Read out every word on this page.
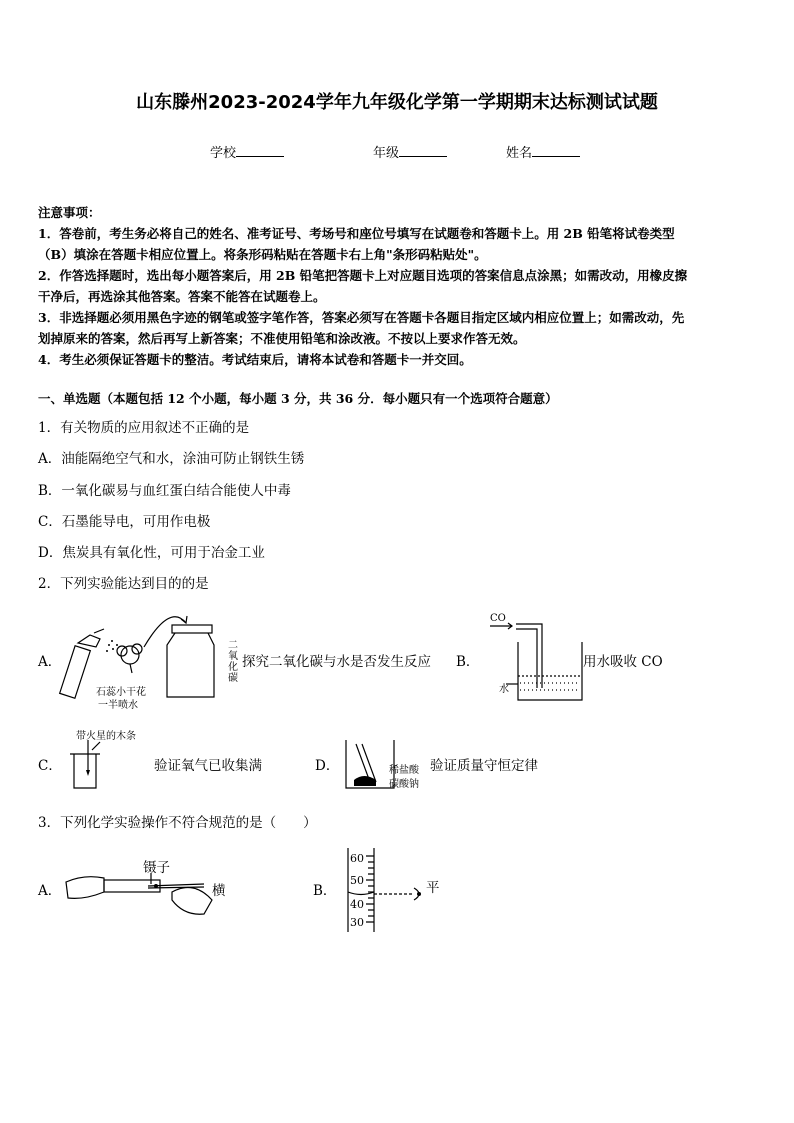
山东滕州2023-2024学年九年级化学第一学期期末达标测试试题
学校	年级	姓名
注意事项：
1．答卷前，考生务必将自己的姓名、准考证号、考场号和座位号填写在试题卷和答题卡上。用 2B 铅笔将试卷类型
（B）填涂在答题卡相应位置上。将条形码粘贴在答题卡右上角"条形码粘贴处"。
2．作答选择题时，选出每小题答案后，用 2B 铅笔把答题卡上对应题目选项的答案信息点涂黑；如需改动，用橡皮擦
干净后，再选涂其他答案。答案不能答在试题卷上。
3．非选择题必须用黑色字迹的钢笔或签字笔作答，答案必须写在答题卡各题目指定区域内相应位置上；如需改动，先
划掉原来的答案，然后再写上新答案；不准使用铅笔和涂改液。不按以上要求作答无效。
4．考生必须保证答题卡的整洁。考试结束后，请将本试卷和答题卡一并交回。
一、单选题（本题包括 12 个小题，每小题 3 分，共 36 分．每小题只有一个选项符合题意）
1．有关物质的应用叙述不正确的是
A．油能隔绝空气和水，涂油可防止钢铁生锈
B．一氧化碳易与血红蛋白结合能使人中毒
C．石墨能导电，可用作电极
D．焦炭具有氧化性，可用于冶金工业
2．下列实验能达到目的的是
A．
石蕊小干花
一半喷水
二
氧
化
碳
探究二氧化碳与水是否发生反应 B．
CO
水
用水吸收 CO
C．
带火星的木条
验证氧气已收集满	D．	稀盐酸
碳酸钠
验证质量守恒定律
3．下列化学实验操作不符合规范的是（　　）
A．
镊子
横	B．
60
50
40
30
平
